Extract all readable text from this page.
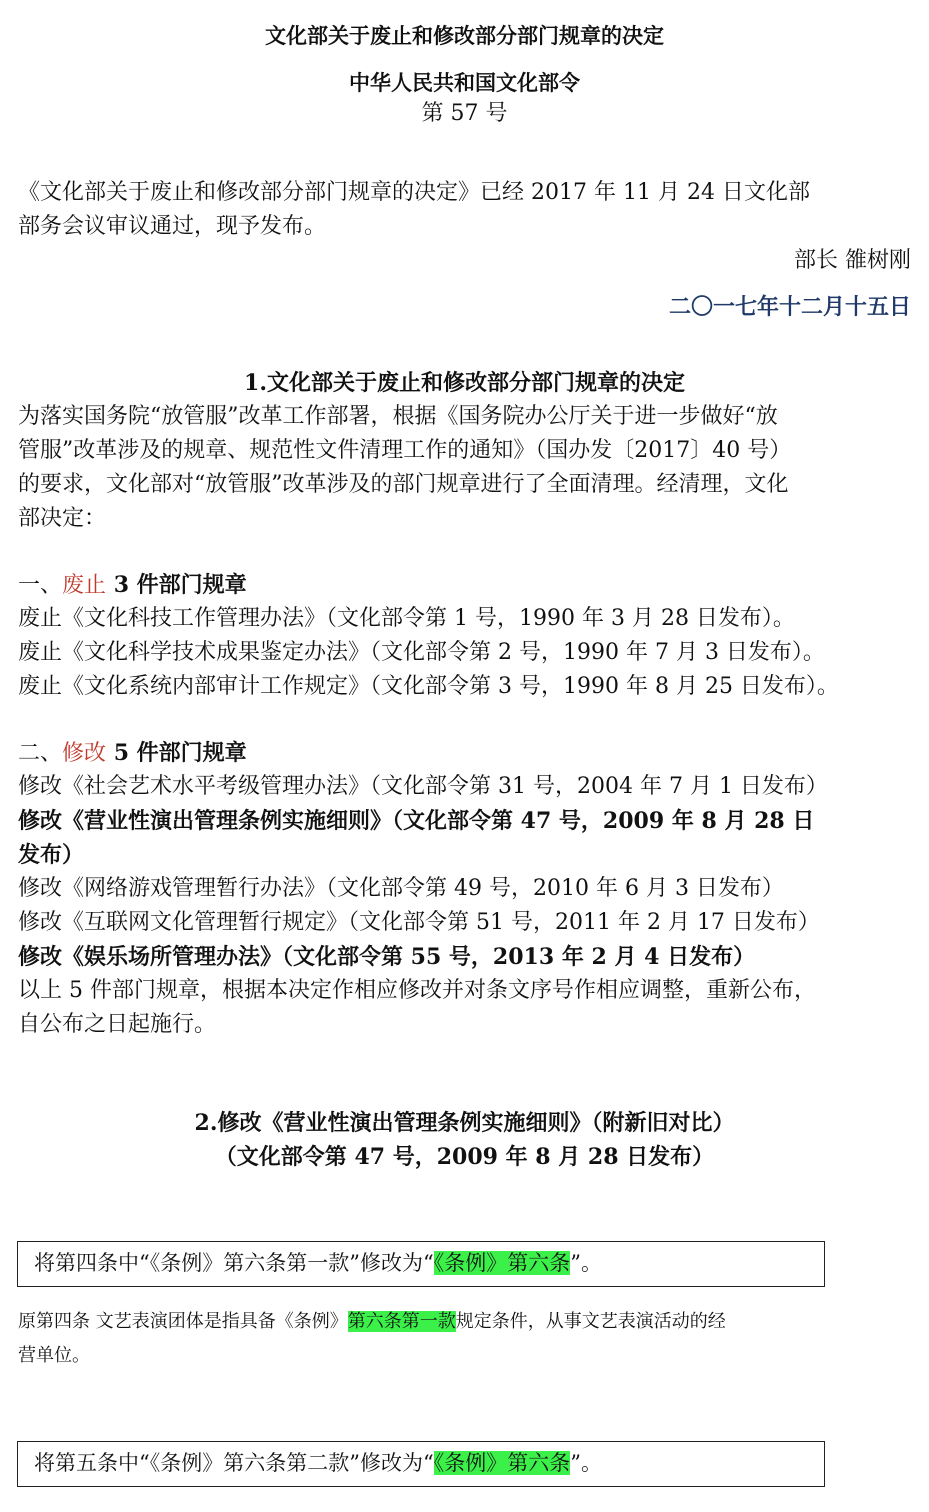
文化部关于废止和修改部分部门规章的决定
中华人民共和国文化部令
第 57 号
《文化部关于废止和修改部分部门规章的决定》已经 2017 年 11 月 24 日文化部
部务会议审议通过，现予发布。
部长 雒树刚
二〇一七年十二月十五日
1.文化部关于废止和修改部分部门规章的决定
为落实国务院“放管服”改革工作部署，根据《国务院办公厅关于进一步做好“放
管服”改革涉及的规章、规范性文件清理工作的通知》（国办发〔2017〕40 号）
的要求，文化部对“放管服”改革涉及的部门规章进行了全面清理。经清理，文化
部决定：
一、废止 3 件部门规章
废止《文化科技工作管理办法》（文化部令第 1 号，1990 年 3 月 28 日发布）。
废止《文化科学技术成果鉴定办法》（文化部令第 2 号，1990 年 7 月 3 日发布）。
废止《文化系统内部审计工作规定》（文化部令第 3 号，1990 年 8 月 25 日发布）。
二、修改 5 件部门规章
修改《社会艺术水平考级管理办法》（文化部令第 31 号，2004 年 7 月 1 日发布）
修改《营业性演出管理条例实施细则》（文化部令第 47 号，2009 年 8 月 28 日
发布）
修改《网络游戏管理暂行办法》（文化部令第 49 号，2010 年 6 月 3 日发布）
修改《互联网文化管理暂行规定》（文化部令第 51 号，2011 年 2 月 17 日发布）
修改《娱乐场所管理办法》（文化部令第 55 号，2013 年 2 月 4 日发布）
以上 5 件部门规章，根据本决定作相应修改并对条文序号作相应调整，重新公布，
自公布之日起施行。
2.修改《营业性演出管理条例实施细则》（附新旧对比）
（文化部令第 47 号，2009 年 8 月 28 日发布）
将第四条中“《条例》第六条第一款”修改为“《条例》第六条”。
原第四条 文艺表演团体是指具备《条例》第六条第一款规定条件，从事文艺表演活动的经
营单位。
将第五条中“《条例》第六条第二款”修改为“《条例》第六条”。
